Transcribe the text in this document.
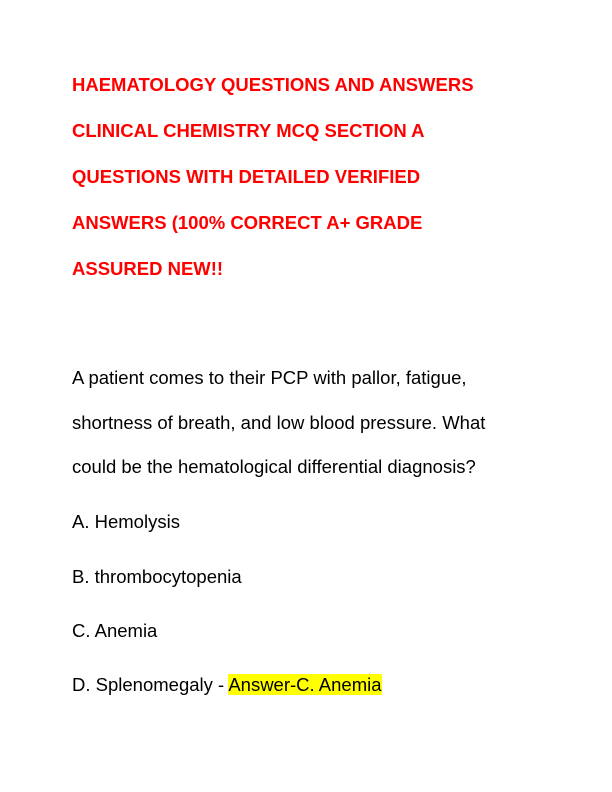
HAEMATOLOGY QUESTIONS AND ANSWERS
CLINICAL CHEMISTRY MCQ SECTION A
QUESTIONS WITH DETAILED VERIFIED
ANSWERS (100% CORRECT A+ GRADE
ASSURED NEW!!
A patient comes to their PCP with pallor, fatigue,
shortness of breath, and low blood pressure. What
could be the hematological differential diagnosis?
A. Hemolysis
B. thrombocytopenia
C. Anemia
D. Splenomegaly - Answer-C. Anemia
